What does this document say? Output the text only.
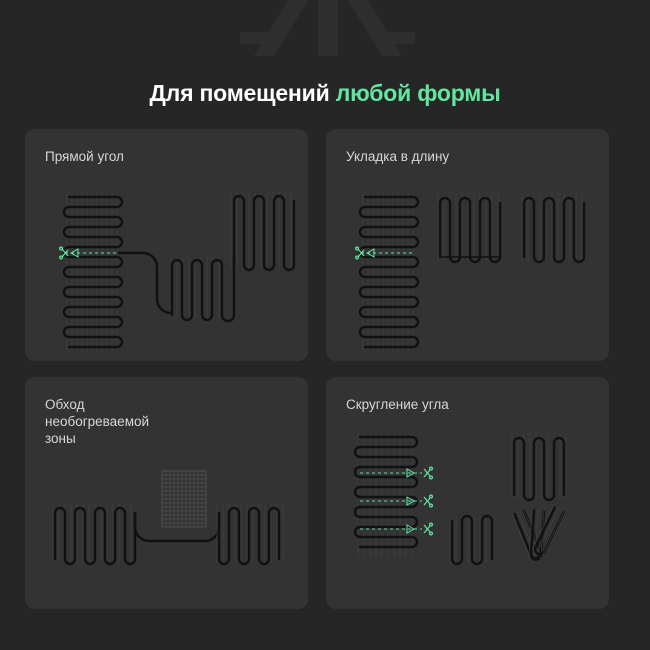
Для помещений любой формы
Прямой угол	Укладка в длину
Обход
необогреваемой
зоны
Скругление угла
